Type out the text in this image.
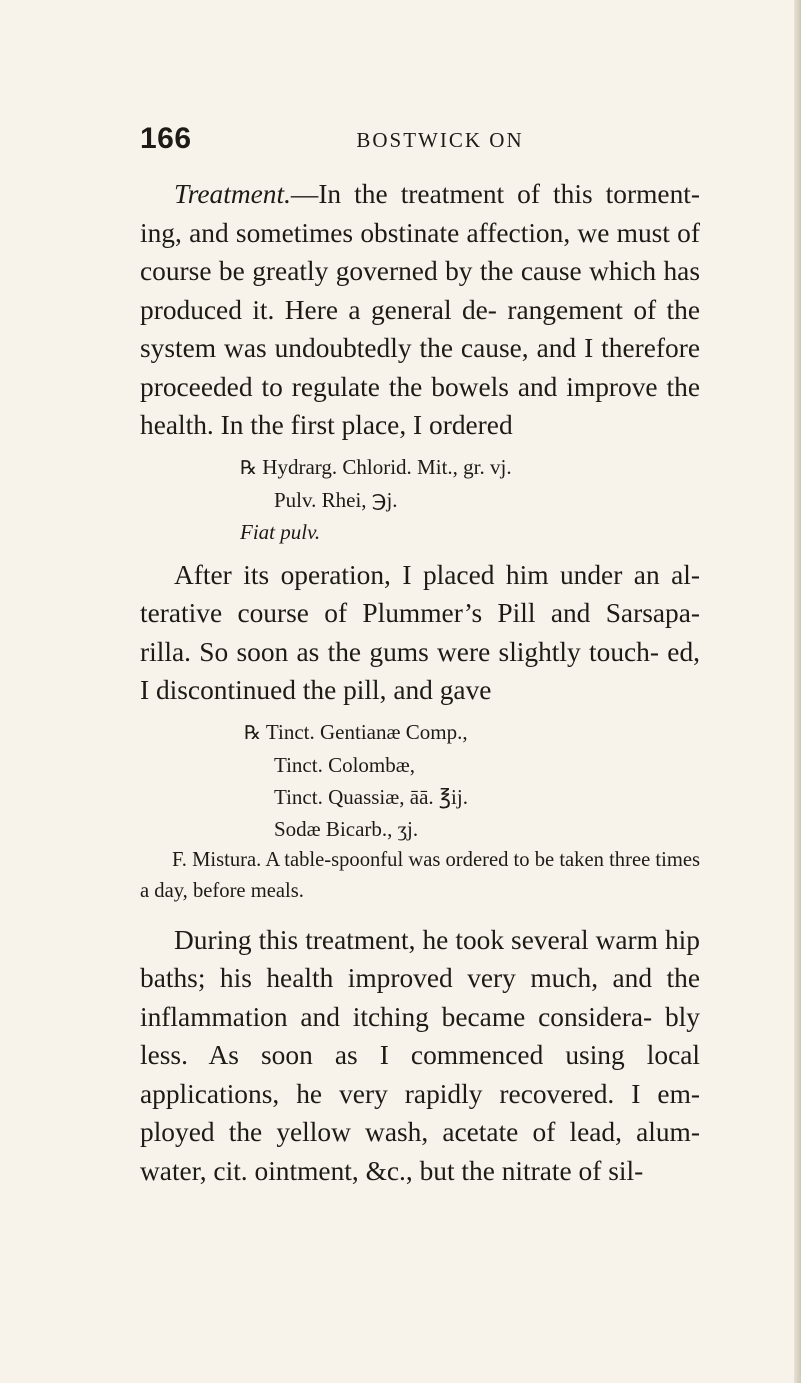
166	BOSTWICK ON

Treatment.—In the treatment of this torment- ing, and sometimes obstinate affection, we must of course be greatly governed by the cause which has produced it. Here a general de- rangement of the system was undoubtedly the cause, and I therefore proceeded to regulate the bowels and improve the health. In the first place, I ordered

℞ Hydrarg. Chlorid. Mit., gr. vj.
Pulv. Rhei, ℈j.
Fiat pulv.

After its operation, I placed him under an al- terative course of Plummer’s Pill and Sarsapa- rilla. So soon as the gums were slightly touch- ed, I discontinued the pill, and gave

℞ Tinct. Gentianæ Comp.,
Tinct. Colombæ,
Tinct. Quassiæ, āā. ℥ij.
Sodæ Bicarb., ʒj.

F. Mistura. A table-spoonful was ordered to be taken three times a day, before meals.

During this treatment, he took several warm hip baths; his health improved very much, and the inflammation and itching became considera- bly less. As soon as I commenced using local applications, he very rapidly recovered. I em- ployed the yellow wash, acetate of lead, alum- water, cit. ointment, &c., but the nitrate of sil-
